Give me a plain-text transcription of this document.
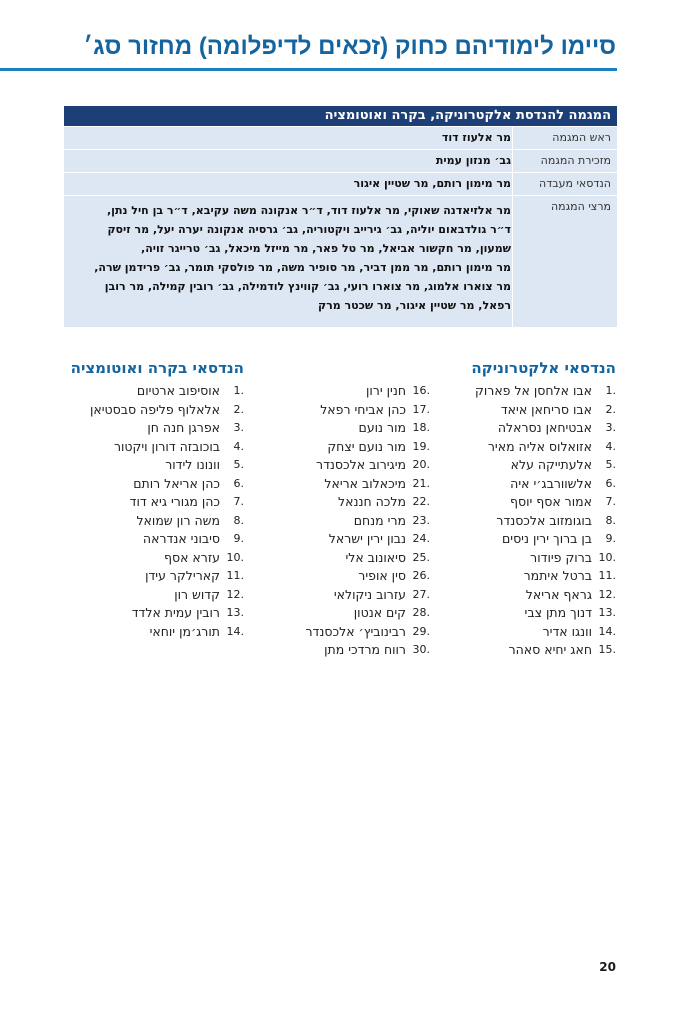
סיימו לימודיהם כחוק (זכאים לדיפלומה) מחזור סג׳
המגמה להנדסת אלקטרוניקה, בקרה ואוטומציה
ראש המגמה
מר אלעוז דוד
מזכירת המגמה
גב׳ מנזון עמית
הנדסאי מעבדה
מר מימון רותם, מר שטיין איגור
מרצי המגמה
מר אלזיאדנה שאוקי, מר אלעוז דוד, ד״ר אנקונה משה עקיבא, ד״ר בן חיל נתן,
ד״ר גולדבאום יוליה, גב׳ גירייב ויקטוריה, גב׳ גרסיה אנקונה יערה יעל, מר זיסק
שמעון, מר חקשור אביאל, מר טל פאר, מר מייזל מיכאל, גב׳ טרייגר זויה,
מר מימון רותם, מר ממן דביר, מר סופיר משה, מר פולסקי תומר, גב׳ פרידמן שרה,
מר צוארו אלמוג, מר צוארו רועי, גב׳ קווינץ לודמילה, גב׳ רובין קמילה, מר רובן
רפאל, מר שטיין איגור, מר שכטר מרק
הנדסאי אלקטרוניקה
הנדסאי בקרה ואוטומציה
1.
אבו אלחסן אל פארוק
2.
אבו סריחאן איאד
3.
אבטיחאן נסראלה
4.
אזואלוס אליה מאיר
5.
אלעתייקה עלא
6.
אלשוורבג׳י איה
7.
אמור אסף יוסף
8.
בוגומזוב אלכסנדר
9.
בן ברוך ירין ניסים
10.
ברוק פיודור
11.
ברטל איתמר
12.
גראף אריאל
13.
דנוך מתן צבי
14.
וונגו אדיר
15.
חאג יחיא סאהר
16.
חנין ירון
17.
כהן אביחי רפאל
18.
מור נועם
19.
מור נועם יצחק
20.
מיגירוב אלכסנדר
21.
מיכאלוב אריאל
22.
מלכה חננאל
23.
מרי מנחם
24.
נבון ירין ישראל
25.
סיאונוב אלי
26.
סין אופיר
27.
עזרוב ניקולאי
28.
קים אנטון
29.
רבינוביץ׳ אלכסנדר
30.
רווח מרדכי מתן
1.
אוסיפוב ארטיום
2.
אלאלוף פליפה סבסטיאן
3.
אפרגן חנה חן
4.
בוכובזה דורון ויקטור
5.
וונונו לידור
6.
כהן אריאל רותם
7.
כהן מגורי גיא דוד
8.
משה רון שמואל
9.
סיבוני אנדראה
10.
עזרא אסף
11.
קארילקר עידן
12.
קדוש רון
13.
רובין עמית אלדד
14.
תורג׳מן יוחאי
20
